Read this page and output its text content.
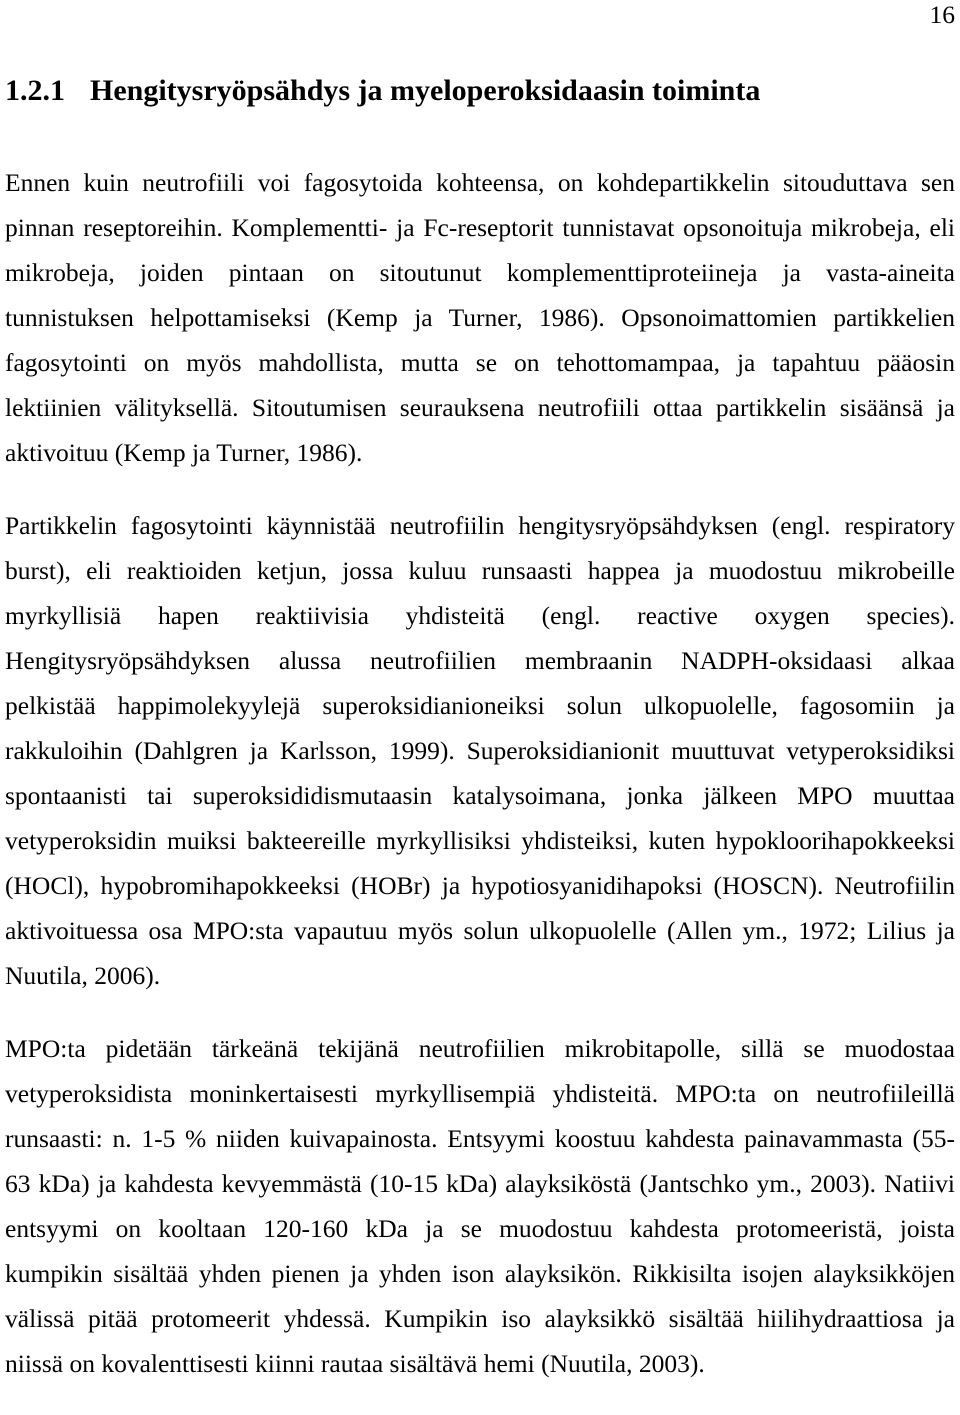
16
1.2.1 Hengitysryöpsähdys ja myeloperoksidaasin toiminta
Ennen kuin neutrofiili voi fagosytoida kohteensa, on kohdepartikkelin sitouduttava sen
pinnan reseptoreihin. Komplementti- ja Fc-reseptorit tunnistavat opsonoituja mikrobeja, eli
mikrobeja, joiden pintaan on sitoutunut komplementtiproteiineja ja vasta-aineita
tunnistuksen helpottamiseksi (Kemp ja Turner, 1986). Opsonoimattomien partikkelien
fagosytointi on myös mahdollista, mutta se on tehottomampaa, ja tapahtuu pääosin
lektiinien välityksellä. Sitoutumisen seurauksena neutrofiili ottaa partikkelin sisäänsä ja
aktivoituu (Kemp ja Turner, 1986).
Partikkelin fagosytointi käynnistää neutrofiilin hengitysryöpsähdyksen (engl. respiratory
burst), eli reaktioiden ketjun, jossa kuluu runsaasti happea ja muodostuu mikrobeille
myrkyllisiä hapen reaktiivisia yhdisteitä (engl. reactive oxygen species).
Hengitysryöpsähdyksen alussa neutrofiilien membraanin NADPH-oksidaasi alkaa
pelkistää happimolekyylejä superoksidianioneiksi solun ulkopuolelle, fagosomiin ja
rakkuloihin (Dahlgren ja Karlsson, 1999). Superoksidianionit muuttuvat vetyperoksidiksi
spontaanisti tai superoksididismutaasin katalysoimana, jonka jälkeen MPO muuttaa
vetyperoksidin muiksi bakteereille myrkyllisiksi yhdisteiksi, kuten hypokloorihapokkeeksi
(HOCl), hypobromihapokkeeksi (HOBr) ja hypotiosyanidihapoksi (HOSCN). Neutrofiilin
aktivoituessa osa MPO:sta vapautuu myös solun ulkopuolelle (Allen ym., 1972; Lilius ja
Nuutila, 2006).
MPO:ta pidetään tärkeänä tekijänä neutrofiilien mikrobitapolle, sillä se muodostaa
vetyperoksidista moninkertaisesti myrkyllisempiä yhdisteitä. MPO:ta on neutrofiileillä
runsaasti: n. 1-5 % niiden kuivapainosta. Entsyymi koostuu kahdesta painavammasta (55-
63 kDa) ja kahdesta kevyemmästä (10-15 kDa) alayksiköstä (Jantschko ym., 2003). Natiivi
entsyymi on kooltaan 120-160 kDa ja se muodostuu kahdesta protomeeristä, joista
kumpikin sisältää yhden pienen ja yhden ison alayksikön. Rikkisilta isojen alayksikköjen
välissä pitää protomeerit yhdessä. Kumpikin iso alayksikkö sisältää hiilihydraattiosa ja
niissä on kovalenttisesti kiinni rautaa sisältävä hemi (Nuutila, 2003).
